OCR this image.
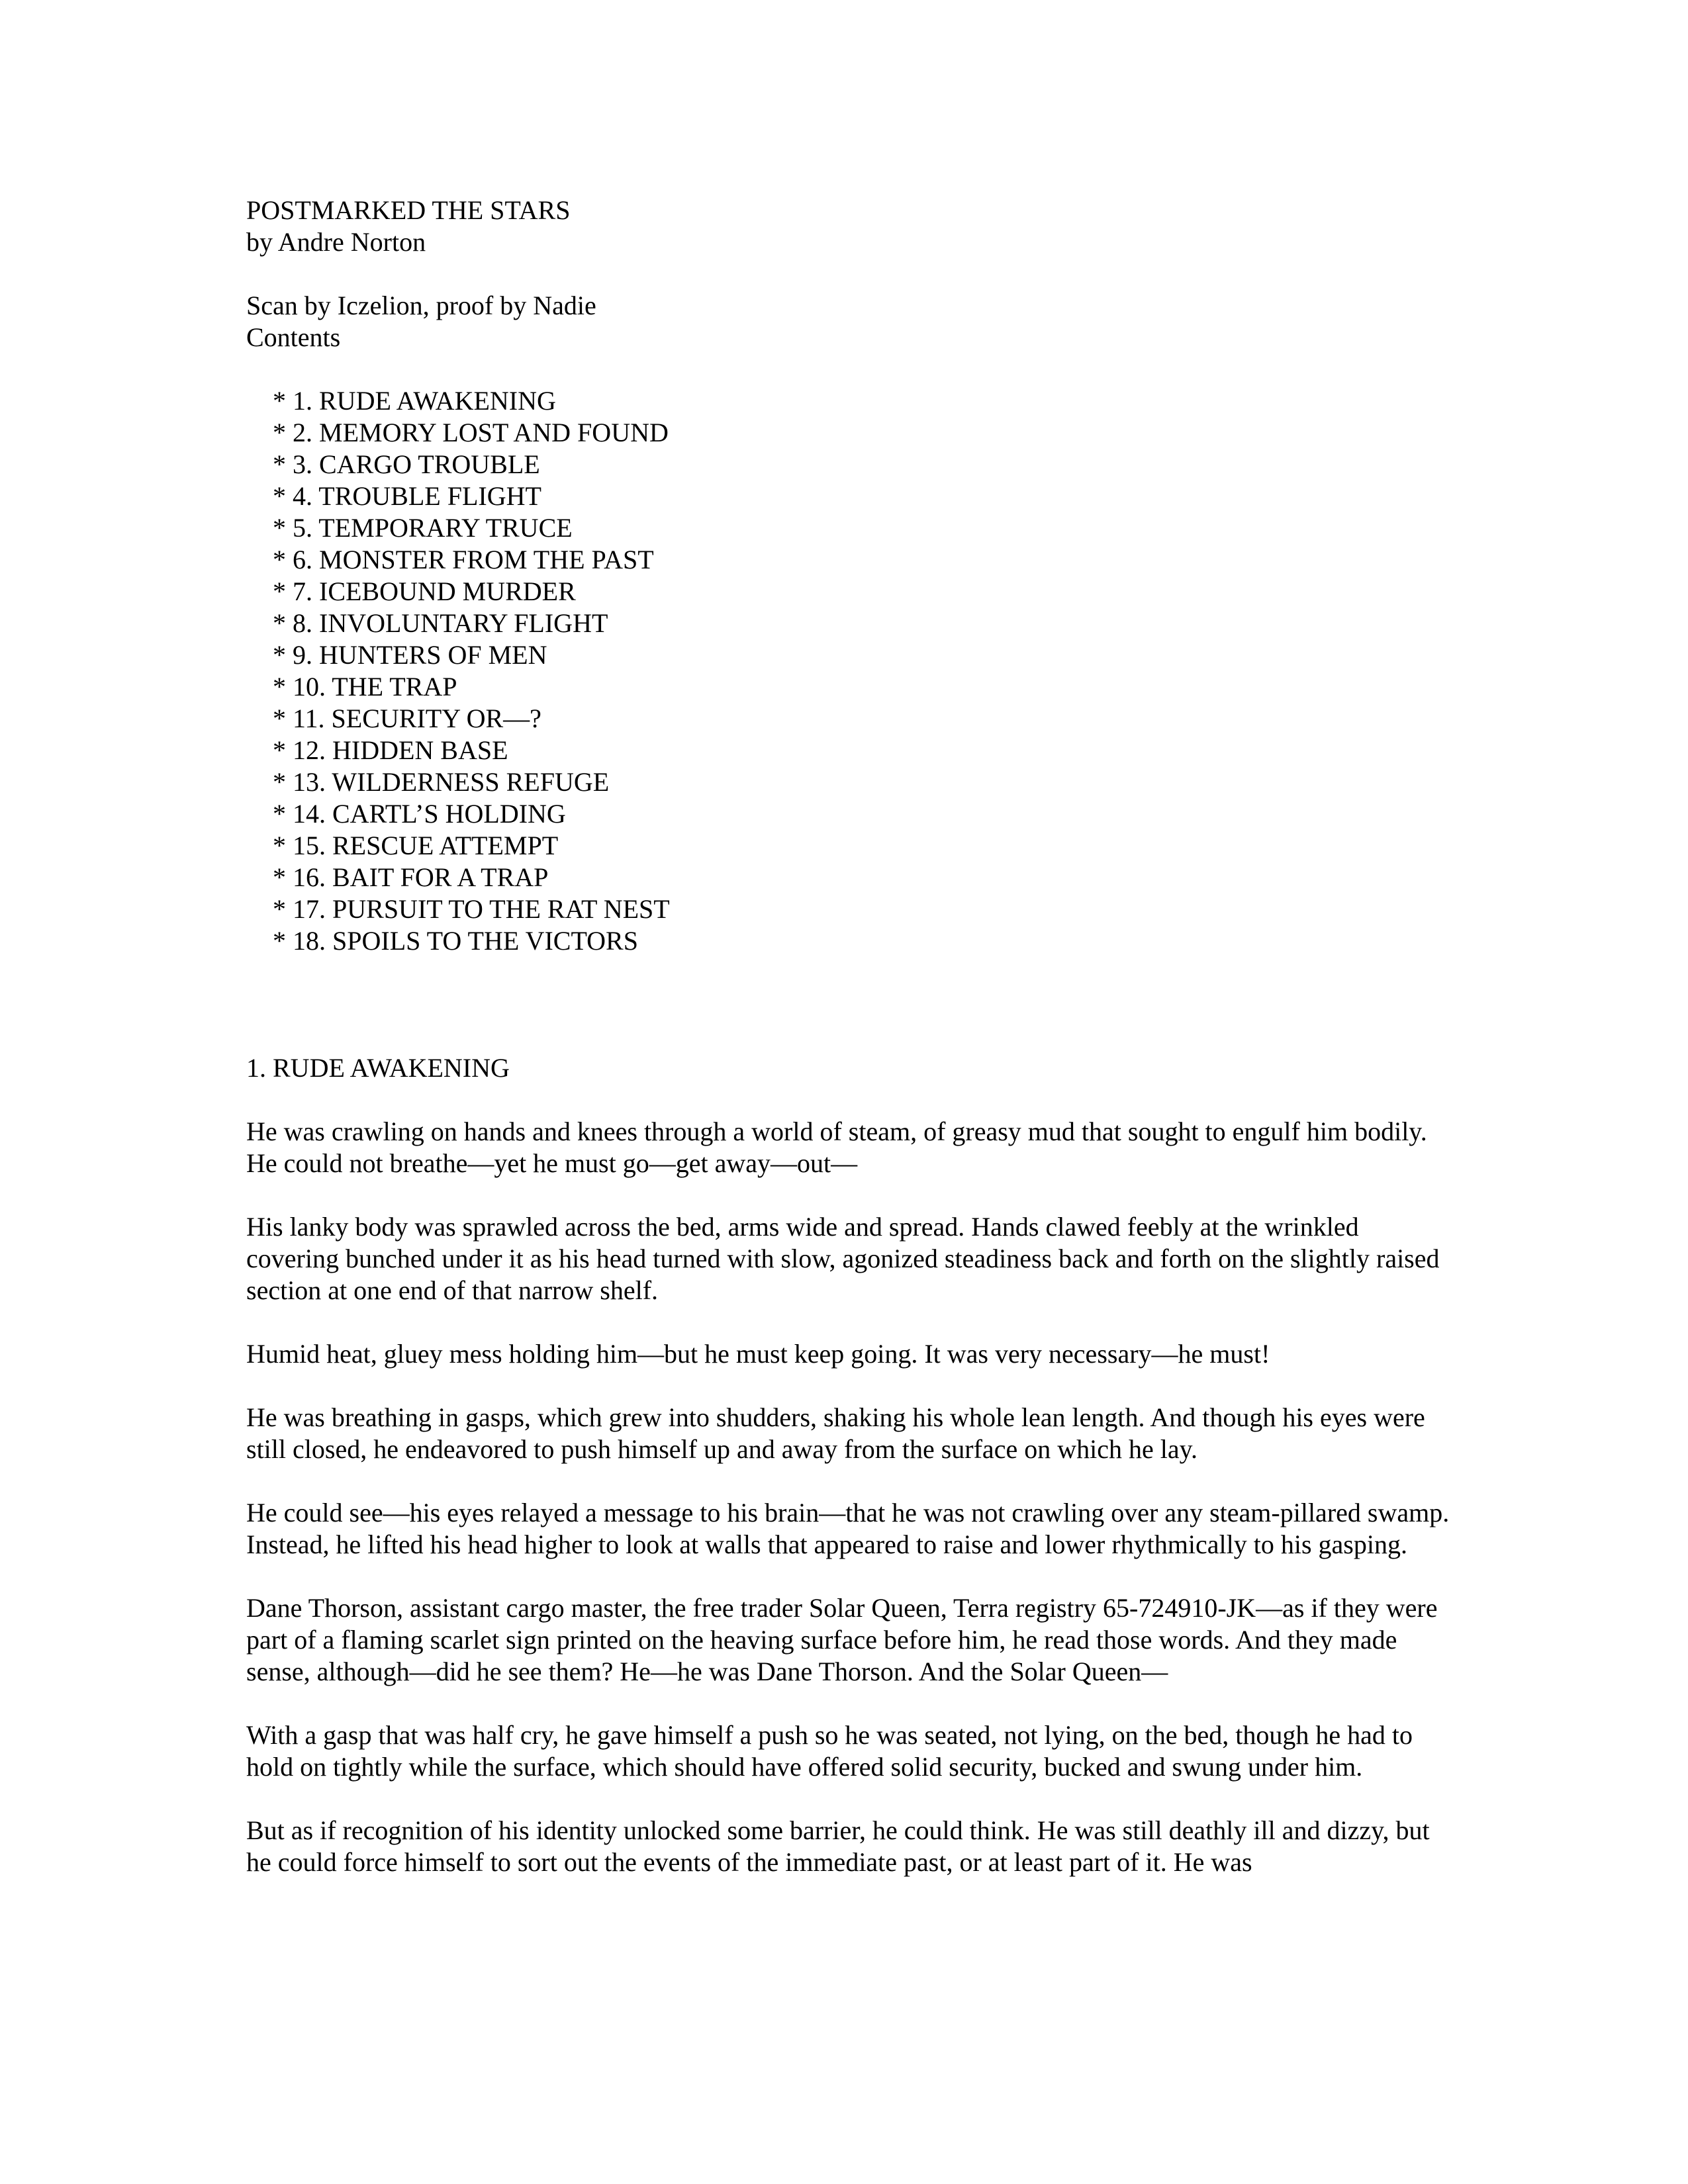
POSTMARKED THE STARS

by Andre Norton

Scan by Iczelion, proof by Nadie

Contents

* 1. RUDE AWAKENING
* 2. MEMORY LOST AND FOUND
* 3. CARGO TROUBLE
* 4. TROUBLE FLIGHT
* 5. TEMPORARY TRUCE
* 6. MONSTER FROM THE PAST
* 7. ICEBOUND MURDER
* 8. INVOLUNTARY FLIGHT
* 9. HUNTERS OF MEN
* 10. THE TRAP
* 11. SECURITY OR—?
* 12. HIDDEN BASE
* 13. WILDERNESS REFUGE
* 14. CARTL’S HOLDING
* 15. RESCUE ATTEMPT
* 16. BAIT FOR A TRAP
* 17. PURSUIT TO THE RAT NEST
* 18. SPOILS TO THE VICTORS
1. RUDE AWAKENING

He was crawling on hands and knees through a world of steam, of greasy mud that sought to engulf him bodily. He could not breathe—yet he must go—get away—out—

His lanky body was sprawled across the bed, arms wide and spread. Hands clawed feebly at the wrinkled covering bunched under it as his head turned with slow, agonized steadiness back and forth on the slightly raised section at one end of that narrow shelf.

Humid heat, gluey mess holding him—but he must keep going. It was very necessary—he must!

He was breathing in gasps, which grew into shudders, shaking his whole lean length. And though his eyes were still closed, he endeavored to push himself up and away from the surface on which he lay.

He could see—his eyes relayed a message to his brain—that he was not crawling over any steam-pillared swamp. Instead, he lifted his head higher to look at walls that appeared to raise and lower rhythmically to his gasping.

Dane Thorson, assistant cargo master, the free trader Solar Queen, Terra registry 65-724910-JK—as if they were part of a flaming scarlet sign printed on the heaving surface before him, he read those words. And they made sense, although—did he see them? He—he was Dane Thorson. And the Solar Queen—

With a gasp that was half cry, he gave himself a push so he was seated, not lying, on the bed, though he had to hold on tightly while the surface, which should have offered solid security, bucked and swung under him.

But as if recognition of his identity unlocked some barrier, he could think. He was still deathly ill and dizzy, but he could force himself to sort out the events of the immediate past, or at least part of it. He was
